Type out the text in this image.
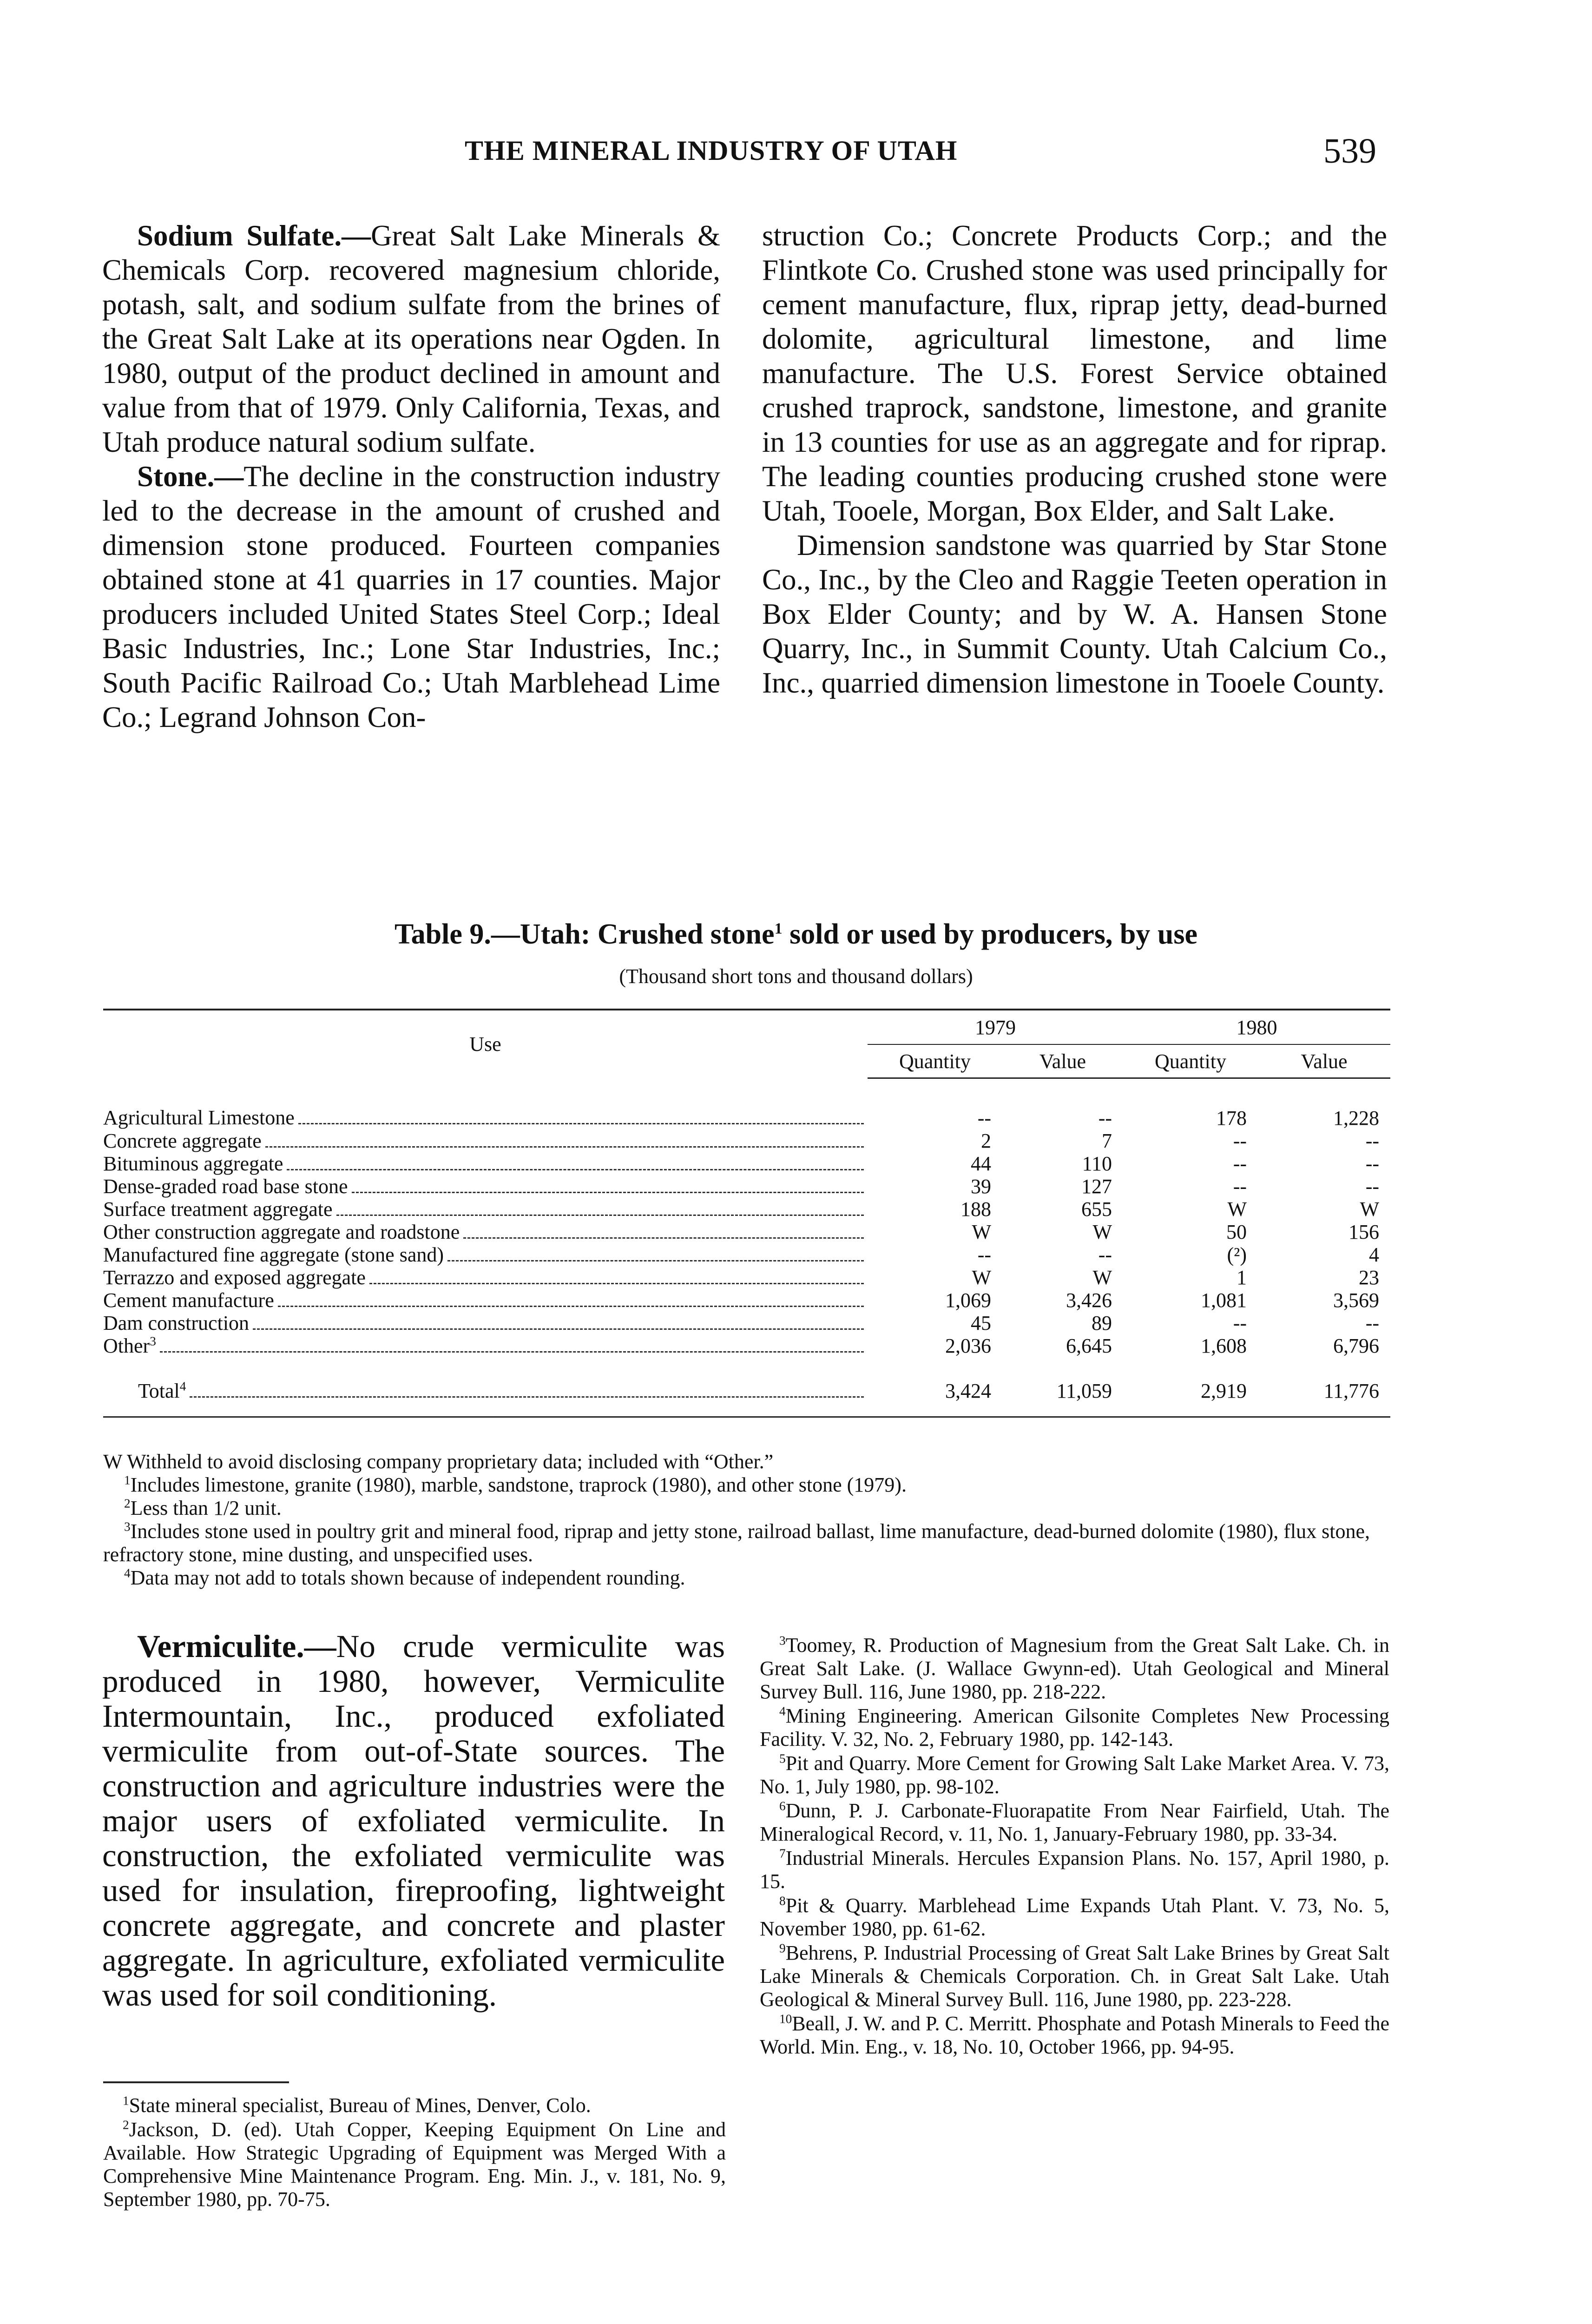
THE MINERAL INDUSTRY OF UTAH	539

Sodium Sulfate.—Great Salt Lake Minerals & Chemicals Corp. recovered magnesium chloride, potash, salt, and sodium sulfate from the brines of the Great Salt Lake at its operations near Ogden. In 1980, output of the product declined in amount and value from that of 1979. Only California, Texas, and Utah produce natural sodium sulfate.

Stone.—The decline in the construction industry led to the decrease in the amount of crushed and dimension stone produced. Fourteen companies obtained stone at 41 quarries in 17 counties. Major producers included United States Steel Corp.; Ideal Basic Industries, Inc.; Lone Star Industries, Inc.; South Pacific Railroad Co.; Utah Marblehead Lime Co.; Legrand Johnson Con-

struction Co.; Concrete Products Corp.; and the Flintkote Co. Crushed stone was used principally for cement manufacture, flux, riprap jetty, dead-burned dolomite, agricultural limestone, and lime manufacture. The U.S. Forest Service obtained crushed traprock, sandstone, limestone, and granite in 13 counties for use as an aggregate and for riprap. The leading counties producing crushed stone were Utah, Tooele, Morgan, Box Elder, and Salt Lake.

Dimension sandstone was quarried by Star Stone Co., Inc., by the Cleo and Raggie Teeten operation in Box Elder County; and by W. A. Hansen Stone Quarry, Inc., in Summit County. Utah Calcium Co., Inc., quarried dimension limestone in Tooele County.

Table 9.—Utah: Crushed stone$^1$ sold or used by producers, by use
(Thousand short tons and thousand dollars)
Use	1979		1980	
	Quantity	Value	Quantity	Value

Agricultural Limestone	--	--	178	1,228

Concrete aggregate	2	7	--	--

Bituminous aggregate	44	110	--	--

Dense-graded road base stone	39	127	--	--

Surface treatment aggregate	188	655	W	W

Other construction aggregate and roadstone	W	W	50	156

Manufactured fine aggregate (stone sand)	--	--	(²)	4

Terrazzo and exposed aggregate	W	W	1	23

Cement manufacture	1,069	3,426	1,081	3,569

Dam construction	45	89	--	--

Other$^3$	2,036	6,645	1,608	6,796

Total$^4$	3,424	11,059	2,919	11,776

W Withheld to avoid disclosing company proprietary data; included with “Other.”

$^1$Includes limestone, granite (1980), marble, sandstone, traprock (1980), and other stone (1979).

$^2$Less than 1/2 unit.

$^3$Includes stone used in poultry grit and mineral food, riprap and jetty stone, railroad ballast, lime manufacture, dead-burned dolomite (1980), flux stone, refractory stone, mine dusting, and unspecified uses.

$^4$Data may not add to totals shown because of independent rounding.

Vermiculite.—No crude vermiculite was produced in 1980, however, Vermiculite Intermountain, Inc., produced exfoliated vermiculite from out-of-State sources. The construction and agriculture industries were the major users of exfoliated vermiculite. In construction, the exfoliated vermiculite was used for insulation, fireproofing, lightweight concrete aggregate, and concrete and plaster aggregate. In agriculture, exfoliated vermiculite was used for soil conditioning.

$^1$State mineral specialist, Bureau of Mines, Denver, Colo.

$^2$Jackson, D. (ed). Utah Copper, Keeping Equipment On Line and Available. How Strategic Upgrading of Equipment was Merged With a Comprehensive Mine Maintenance Program. Eng. Min. J., v. 181, No. 9, September 1980, pp. 70-75.

$^3$Toomey, R. Production of Magnesium from the Great Salt Lake. Ch. in Great Salt Lake. (J. Wallace Gwynn-ed). Utah Geological and Mineral Survey Bull. 116, June 1980, pp. 218-222.

$^4$Mining Engineering. American Gilsonite Completes New Processing Facility. V. 32, No. 2, February 1980, pp. 142-143.

$^5$Pit and Quarry. More Cement for Growing Salt Lake Market Area. V. 73, No. 1, July 1980, pp. 98-102.

$^6$Dunn, P. J. Carbonate-Fluorapatite From Near Fairfield, Utah. The Mineralogical Record, v. 11, No. 1, January-February 1980, pp. 33-34.

$^7$Industrial Minerals. Hercules Expansion Plans. No. 157, April 1980, p. 15.

$^8$Pit & Quarry. Marblehead Lime Expands Utah Plant. V. 73, No. 5, November 1980, pp. 61-62.

$^9$Behrens, P. Industrial Processing of Great Salt Lake Brines by Great Salt Lake Minerals & Chemicals Corporation. Ch. in Great Salt Lake. Utah Geological & Mineral Survey Bull. 116, June 1980, pp. 223-228.

$^{10}$Beall, J. W. and P. C. Merritt. Phosphate and Potash Minerals to Feed the World. Min. Eng., v. 18, No. 10, October 1966, pp. 94-95.
